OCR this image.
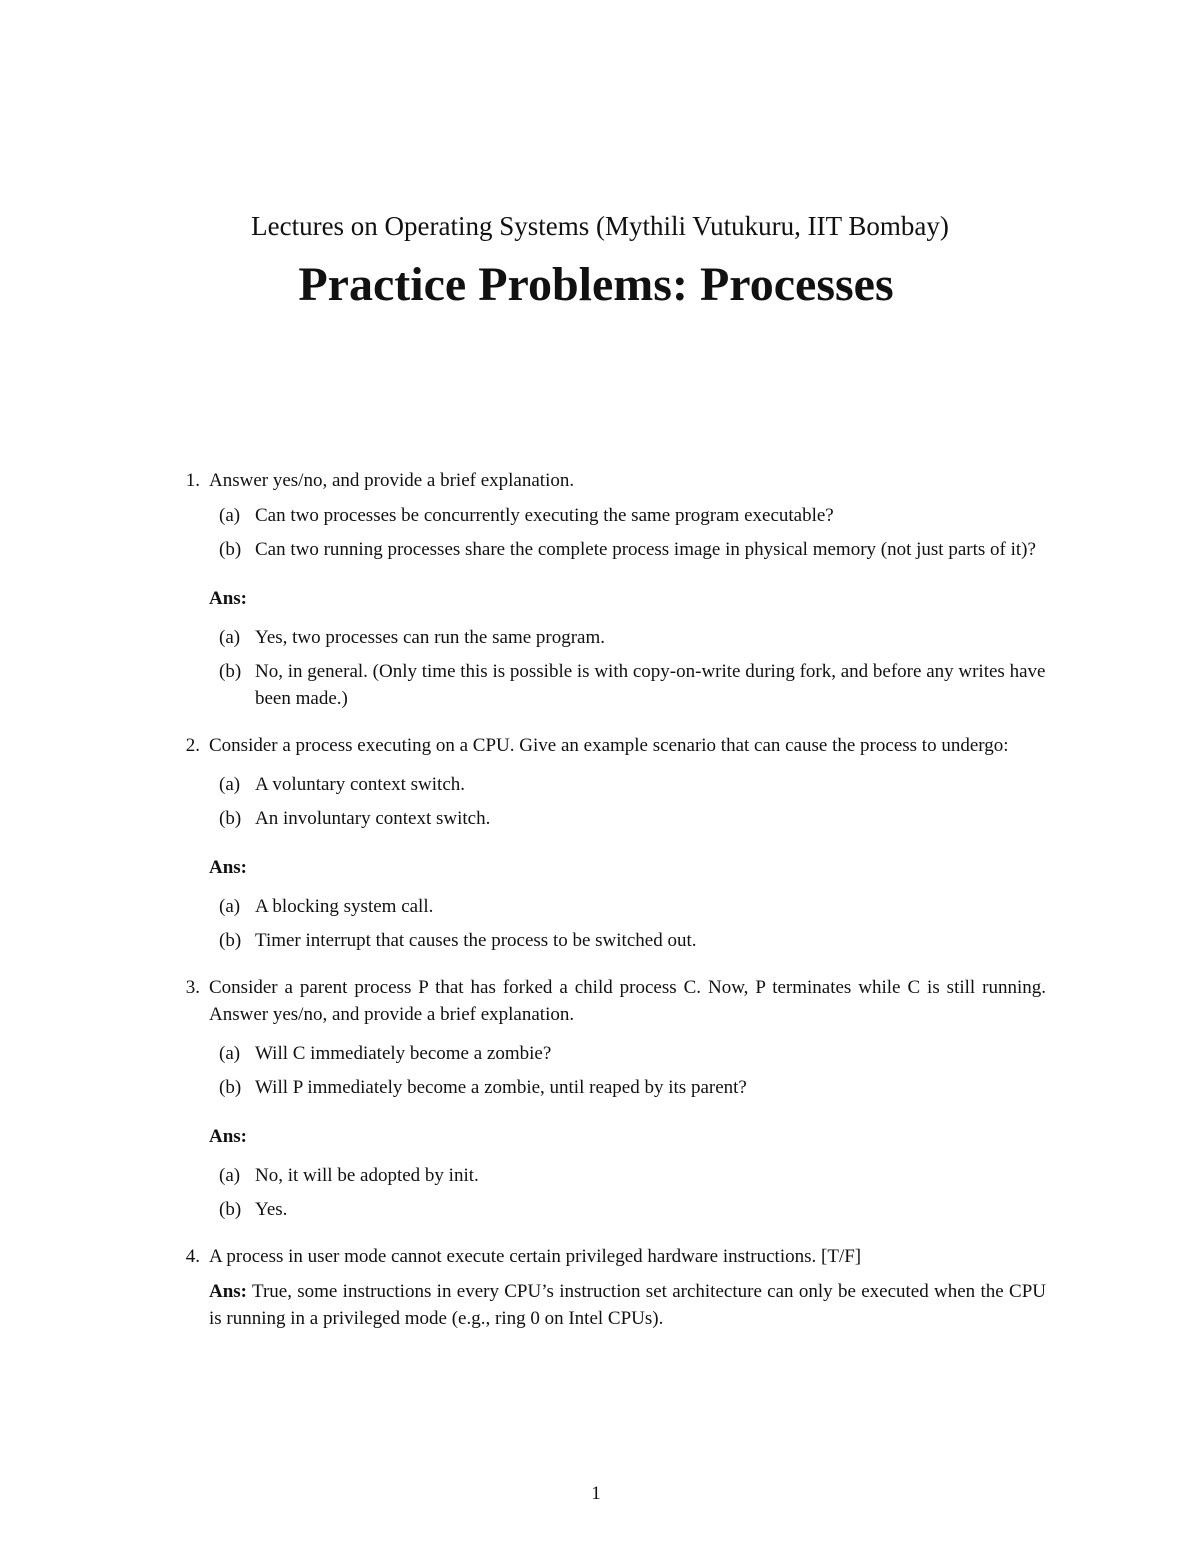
Lectures on Operating Systems (Mythili Vutukuru, IIT Bombay)
Practice Problems: Processes
1. Answer yes/no, and provide a brief explanation.
(a) Can two processes be concurrently executing the same program executable?
(b) Can two running processes share the complete process image in physical memory (not just parts of it)?
Ans:
(a) Yes, two processes can run the same program.
(b) No, in general. (Only time this is possible is with copy-on-write during fork, and before any writes have been made.)
2. Consider a process executing on a CPU. Give an example scenario that can cause the process to undergo:
(a) A voluntary context switch.
(b) An involuntary context switch.
Ans:
(a) A blocking system call.
(b) Timer interrupt that causes the process to be switched out.
3. Consider a parent process P that has forked a child process C. Now, P terminates while C is still running. Answer yes/no, and provide a brief explanation.
(a) Will C immediately become a zombie?
(b) Will P immediately become a zombie, until reaped by its parent?
Ans:
(a) No, it will be adopted by init.
(b) Yes.
4. A process in user mode cannot execute certain privileged hardware instructions. [T/F]
Ans: True, some instructions in every CPU’s instruction set architecture can only be executed when the CPU is running in a privileged mode (e.g., ring 0 on Intel CPUs).
1
